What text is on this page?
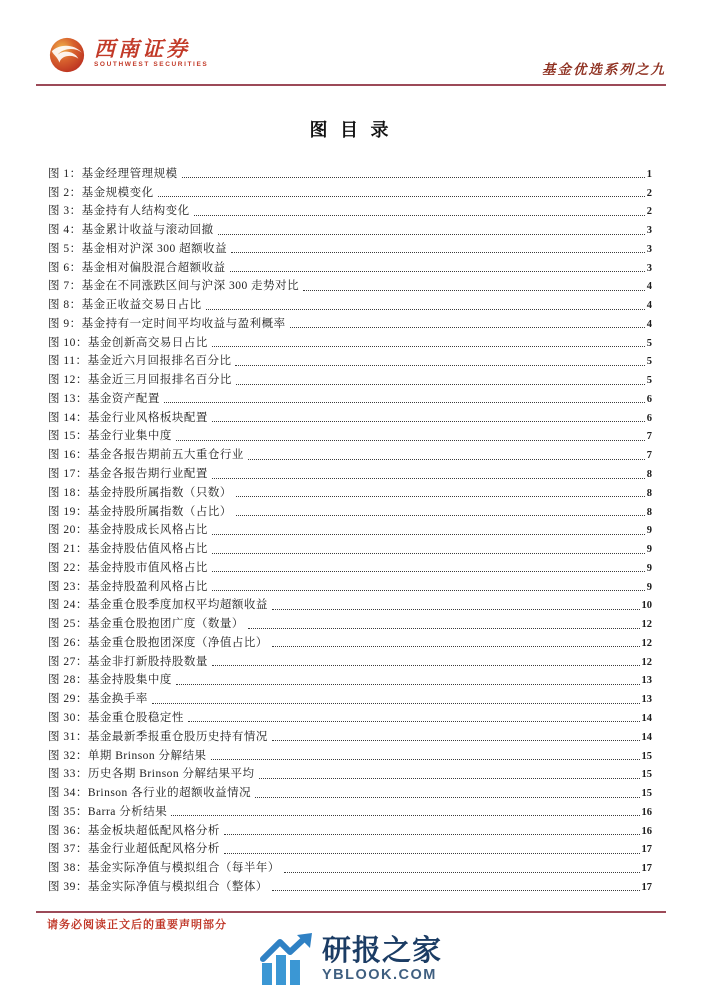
西南证券
SOUTHWEST SECURITIES	基金优选系列之九
图 目 录
图 1：基金经理管理规模	1
图 2：基金规模变化	2
图 3：基金持有人结构变化	2
图 4：基金累计收益与滚动回撤	3
图 5：基金相对沪深 300 超额收益	3
图 6：基金相对偏股混合超额收益	3
图 7：基金在不同涨跌区间与沪深 300 走势对比	4
图 8：基金正收益交易日占比	4
图 9：基金持有一定时间平均收益与盈利概率	4
图 10：基金创新高交易日占比	5
图 11：基金近六月回报排名百分比	5
图 12：基金近三月回报排名百分比	5
图 13：基金资产配置	6
图 14：基金行业风格板块配置	6
图 15：基金行业集中度	7
图 16：基金各报告期前五大重仓行业	7
图 17：基金各报告期行业配置	8
图 18：基金持股所属指数（只数）	8
图 19：基金持股所属指数（占比）	8
图 20：基金持股成长风格占比	9
图 21：基金持股估值风格占比	9
图 22：基金持股市值风格占比	9
图 23：基金持股盈利风格占比	9
图 24：基金重仓股季度加权平均超额收益	10
图 25：基金重仓股抱团广度（数量）	12
图 26：基金重仓股抱团深度（净值占比）	12
图 27：基金非打新股持股数量	12
图 28：基金持股集中度	13
图 29：基金换手率	13
图 30：基金重仓股稳定性	14
图 31：基金最新季报重仓股历史持有情况	14
图 32：单期 Brinson 分解结果	15
图 33：历史各期 Brinson 分解结果平均	15
图 34：Brinson 各行业的超额收益情况	15
图 35：Barra 分析结果	16
图 36：基金板块超低配风格分析	16
图 37：基金行业超低配风格分析	17
图 38：基金实际净值与模拟组合（每半年）	17
图 39：基金实际净值与模拟组合（整体）	17
请务必阅读正文后的重要声明部分
研报之家
YBLOOK.COM
